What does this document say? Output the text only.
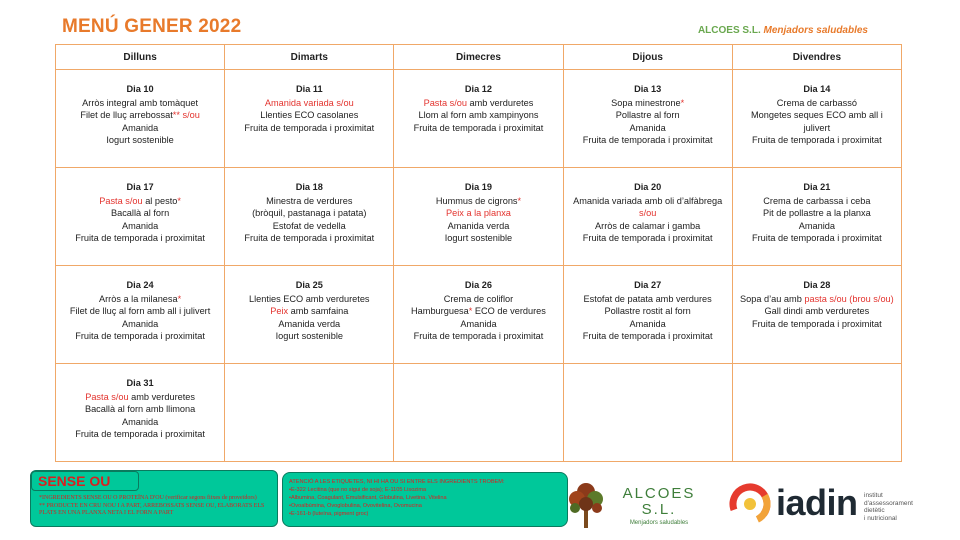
MENÚ GENER 2022	ALCOES S.L. Menjadors saludables
Dilluns	Dimarts	Dimecres	Dijous	Divendres

Dia 10
Arròs integral amb tomàquet
Filet de lluç arrebossat** s/ou
Amanida
Iogurt sostenible	Dia 11
Amanida variada s/ou
Llenties ECO casolanes
Fruita de temporada i proximitat	Dia 12
Pasta s/ou amb verduretes
Llom al forn amb xampinyons
Fruita de temporada i proximitat	Dia 13
Sopa minestrone*
Pollastre al forn
Amanida
Fruita de temporada i proximitat	Dia 14
Crema de carbassó
Mongetes seques ECO amb all i julivert
Fruita de temporada i proximitat

Dia 17
Pasta s/ou al pesto*
Bacallà al forn
Amanida
Fruita de temporada i proximitat	Dia 18
Minestra de verdures
(bròquil, pastanaga i patata)
Estofat de vedella
Fruita de temporada i proximitat	Dia 19
Hummus de cigrons*
Peix a la planxa
Amanida verda
Iogurt sostenible	Dia 20
Amanida variada amb oli d’alfàbrega s/ou
Arròs de calamar i gamba
Fruita de temporada i proximitat	Dia 21
Crema de carbassa i ceba
Pit de pollastre a la planxa
Amanida
Fruita de temporada i proximitat

Dia 24
Arròs a la milanesa*
Filet de lluç al forn amb all i julivert
Amanida
Fruita de temporada i proximitat	Dia 25
Llenties ECO amb verduretes
Peix amb samfaina
Amanida verda
Iogurt sostenible	Dia 26
Crema de coliflor
Hamburguesa* ECO de verdures
Amanida
Fruita de temporada i proximitat	Dia 27
Estofat de patata amb verdures
Pollastre rostit al forn
Amanida
Fruita de temporada i proximitat	Dia 28
Sopa d’au amb pasta s/ou (brou s/ou)
Gall dindi amb verduretes
Fruita de temporada i proximitat

Dia 31
Pasta s/ou amb verduretes
Bacallà al forn amb llimona
Amanida
Fruita de temporada i proximitat				

SENSE OU
*INGREDIENTS SENSE OU O PROTEÏNA D'OU (verificar segons fitxes de proveïdors)
** PRODUCTE EN CRU NOU I A PART, ARREBOSSATS SENSE OU, ELABORATS ELS PLATS EN UNA PLANXA NETA I EL FORN A PART
ATENCIÓ A LES ETIQUETES, NI HI HA OU SI ENTRE ELS INGREDIENTS TROBEM:
•E-322 Lecitina (que no sigui de soja); E-1105 Lisozima
•Albumina, Coagulant, Emulsificant, Globulina, Livetina, Vitelina
•Ovoalbúmina, Ovoglobulina, Ovovitelina, Ovomucina
•E-161-b (luteína, pigment groc)
ALCOES
S.L.
Menjadors saludables	iadin institut
d'assessorament
dietètic
i nutricional
